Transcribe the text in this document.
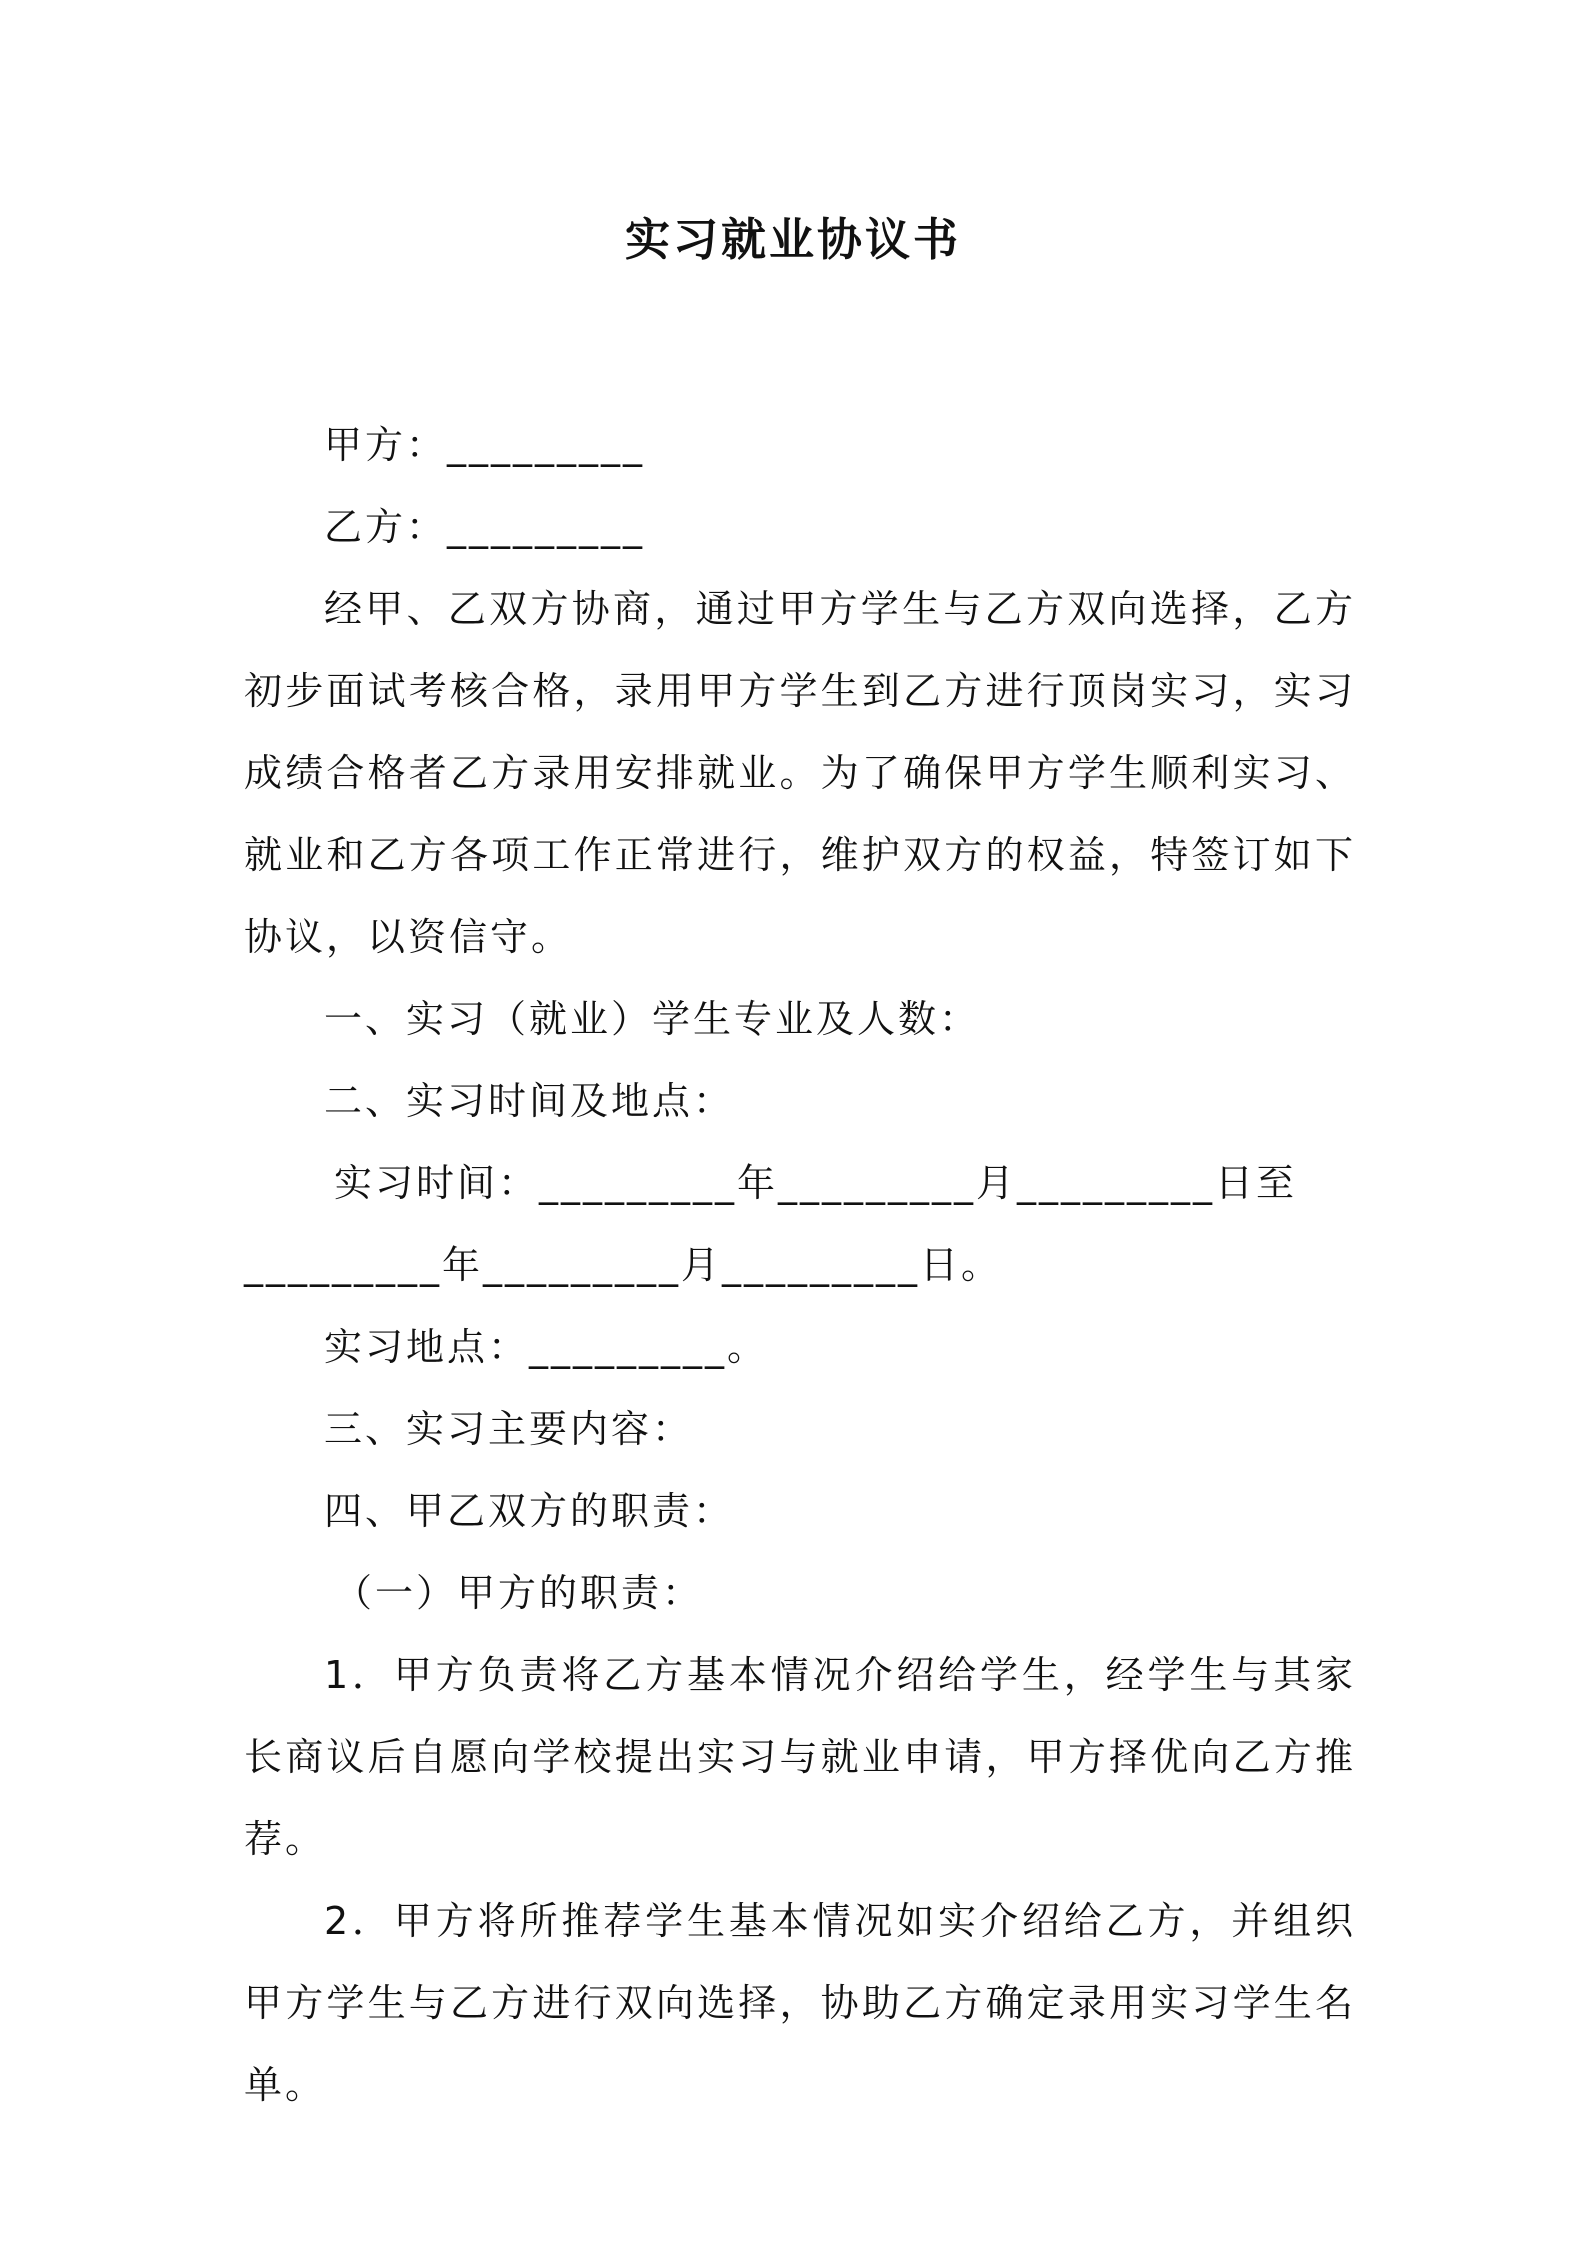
实习就业协议书

甲方：_________

乙方：_________

经甲、乙双方协商，通过甲方学生与乙方双向选择，乙方初步面试考核合格，录用甲方学生到乙方进行顶岗实习，实习成绩合格者乙方录用安排就业。为了确保甲方学生顺利实习、就业和乙方各项工作正常进行，维护双方的权益，特签订如下协议，以资信守。

一、实习（就业）学生专业及人数：

二、实习时间及地点：

实习时间：_________年_________月_________日至

_________年_________月_________日。

实习地点：_________。

三、实习主要内容：

四、甲乙双方的职责：

（一）甲方的职责：

1．甲方负责将乙方基本情况介绍给学生，经学生与其家长商议后自愿向学校提出实习与就业申请，甲方择优向乙方推荐。

2．甲方将所推荐学生基本情况如实介绍给乙方，并组织甲方学生与乙方进行双向选择，协助乙方确定录用实习学生名单。
